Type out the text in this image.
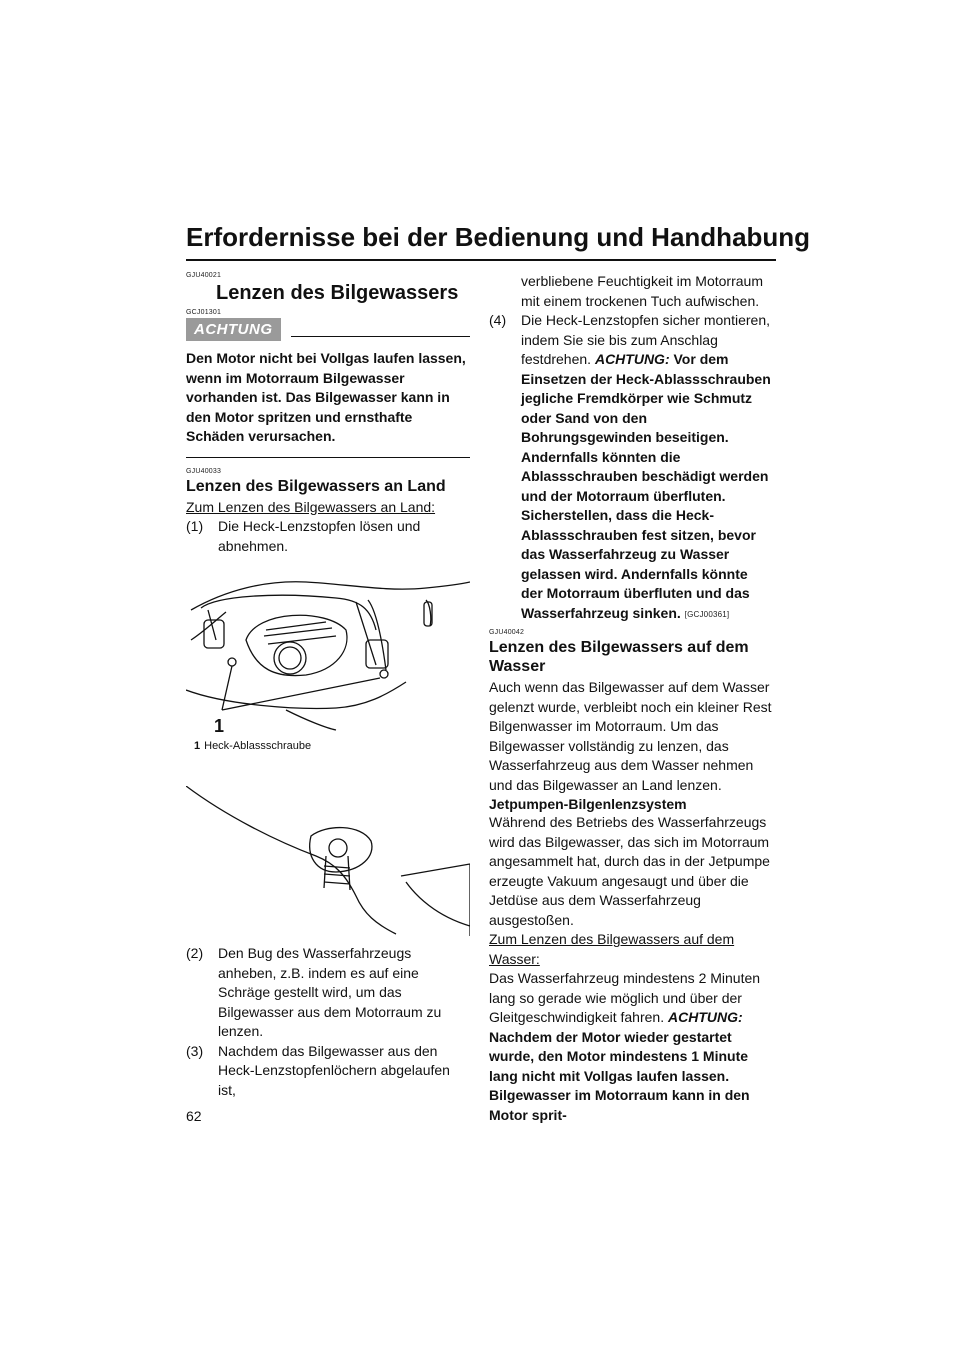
Erfordernisse bei der Bedienung und Handhabung
GJU40021
Lenzen des Bilgewassers
GCJ01301
ACHTUNG
Den Motor nicht bei Vollgas laufen lassen, wenn im Motorraum Bilgewasser vorhanden ist. Das Bilgewasser kann in den Motor spritzen und ernsthafte Schäden verursachen.
GJU40033
Lenzen des Bilgewassers an Land
Zum Lenzen des Bilgewassers an Land:
(1) Die Heck-Lenzstopfen lösen und abnehmen.
1
1 Heck-Ablassschraube
(2) Den Bug des Wasserfahrzeugs anheben, z.B. indem es auf eine Schräge gestellt wird, um das Bilgewasser aus dem Motorraum zu lenzen.
(3) Nachdem das Bilgewasser aus den Heck-Lenzstopfenlöchern abgelaufen ist,
verbliebene Feuchtigkeit im Motorraum mit einem trockenen Tuch aufwischen.
(4) Die Heck-Lenzstopfen sicher montieren, indem Sie sie bis zum Anschlag festdrehen. ACHTUNG: Vor dem Einsetzen der Heck-Ablassschrauben jegliche Fremdkörper wie Schmutz oder Sand von den Bohrungsgewinden beseitigen. Andernfalls könnten die Ablassschrauben beschädigt werden und der Motorraum überfluten. Sicherstellen, dass die Heck-Ablassschrauben fest sitzen, bevor das Wasserfahrzeug zu Wasser gelassen wird. Andernfalls könnte der Motorraum überfluten und das Wasserfahrzeug sinken. [GCJ00361]
GJU40042
Lenzen des Bilgewassers auf dem Wasser
Auch wenn das Bilgewasser auf dem Wasser gelenzt wurde, verbleibt noch ein kleiner Rest Bilgenwasser im Motorraum. Um das Bilgewasser vollständig zu lenzen, das Wasserfahrzeug aus dem Wasser nehmen und das Bilgewasser an Land lenzen.
Jetpumpen-Bilgenlenzsystem
Während des Betriebs des Wasserfahrzeugs wird das Bilgewasser, das sich im Motorraum angesammelt hat, durch das in der Jetpumpe erzeugte Vakuum angesaugt und über die Jetdüse aus dem Wasserfahrzeug ausgestoßen.
Zum Lenzen des Bilgewassers auf dem Wasser:
Das Wasserfahrzeug mindestens 2 Minuten lang so gerade wie möglich und über der Gleitgeschwindigkeit fahren. ACHTUNG: Nachdem der Motor wieder gestartet wurde, den Motor mindestens 1 Minute lang nicht mit Vollgas laufen lassen. Bilgewasser im Motorraum kann in den Motor sprit-
62
